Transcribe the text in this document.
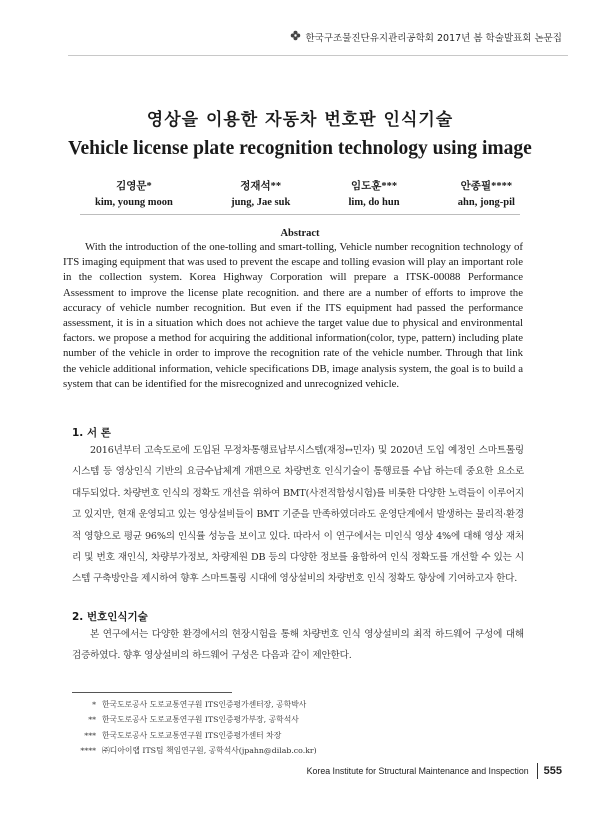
한국구조물진단유지관리공학회 2017년 봄 학술발표회 논문집
영상을 이용한 자동차 번호판 인식기술
Vehicle license plate recognition technology using image
김영문*
kim, young moon
정재석**
jung, Jae suk
임도훈***
lim, do hun
안종필****
ahn, jong-pil
Abstract

With the introduction of the one-tolling and smart-tolling, Vehicle number recognition technology of ITS imaging equipment that was used to prevent the escape and tolling evasion will play an important role in the collection system. Korea Highway Corporation will prepare a ITSK-00088 Performance Assessment to improve the license plate recognition. and there are a number of efforts to improve the accuracy of vehicle number recognition. But even if the ITS equipment had passed the performance assessment, it is in a situation which does not achieve the target value due to physical and environmental factors. we propose a method for acquiring the additional information(color, type, pattern) including plate number of the vehicle in order to improve the recognition rate of the vehicle number. Through that link the vehicle additional information, vehicle specifications DB, image analysis system, the goal is to build a system that can be identified for the misrecognized and unrecognized vehicle.

1. 서 론

2016년부터 고속도로에 도입된 무정차통행료납부시스템(재정↔민자) 및 2020년 도입 예정인 스마트톨링 시스템 등 영상인식 기반의 요금수납체계 개편으로 차량번호 인식기술이 통행료를 수납 하는데 중요한 요소로 대두되었다. 차량번호 인식의 정확도 개선을 위하여 BMT(사전적합성시험)를 비롯한 다양한 노력들이 이루어지고 있지만, 현재 운영되고 있는 영상설비들이 BMT 기준을 만족하였더라도 운영단계에서 발생하는 물리적·환경적 영향으로 평균 96%의 인식률 성능을 보이고 있다. 따라서 이 연구에서는 미인식 영상 4%에 대해 영상 재처리 및 번호 재인식, 차량부가정보, 차량제원 DB 등의 다양한 정보를 융합하여 인식 정확도를 개선할 수 있는 시스템 구축방안을 제시하여 향후 스마트톨링 시대에 영상설비의 차량번호 인식 정확도 향상에 기여하고자 한다.

2. 번호인식기술

본 연구에서는 다양한 환경에서의 현장시험을 통해 차량번호 인식 영상설비의 최적 하드웨어 구성에 대해 검증하였다. 향후 영상설비의 하드웨어 구성은 다음과 같이 제안한다.

* 한국도로공사 도로교통연구원 ITS인증평가센터장, 공학박사
** 한국도로공사 도로교통연구원 ITS인증평가부장, 공학석사
*** 한국도로공사 도로교통연구원 ITS인증평가센터 차장
**** ㈜디아이랩 ITS팀 책임연구원, 공학석사(jpahn@dilab.co.kr)
Korea Institute for Structural Maintenance and Inspection 555
